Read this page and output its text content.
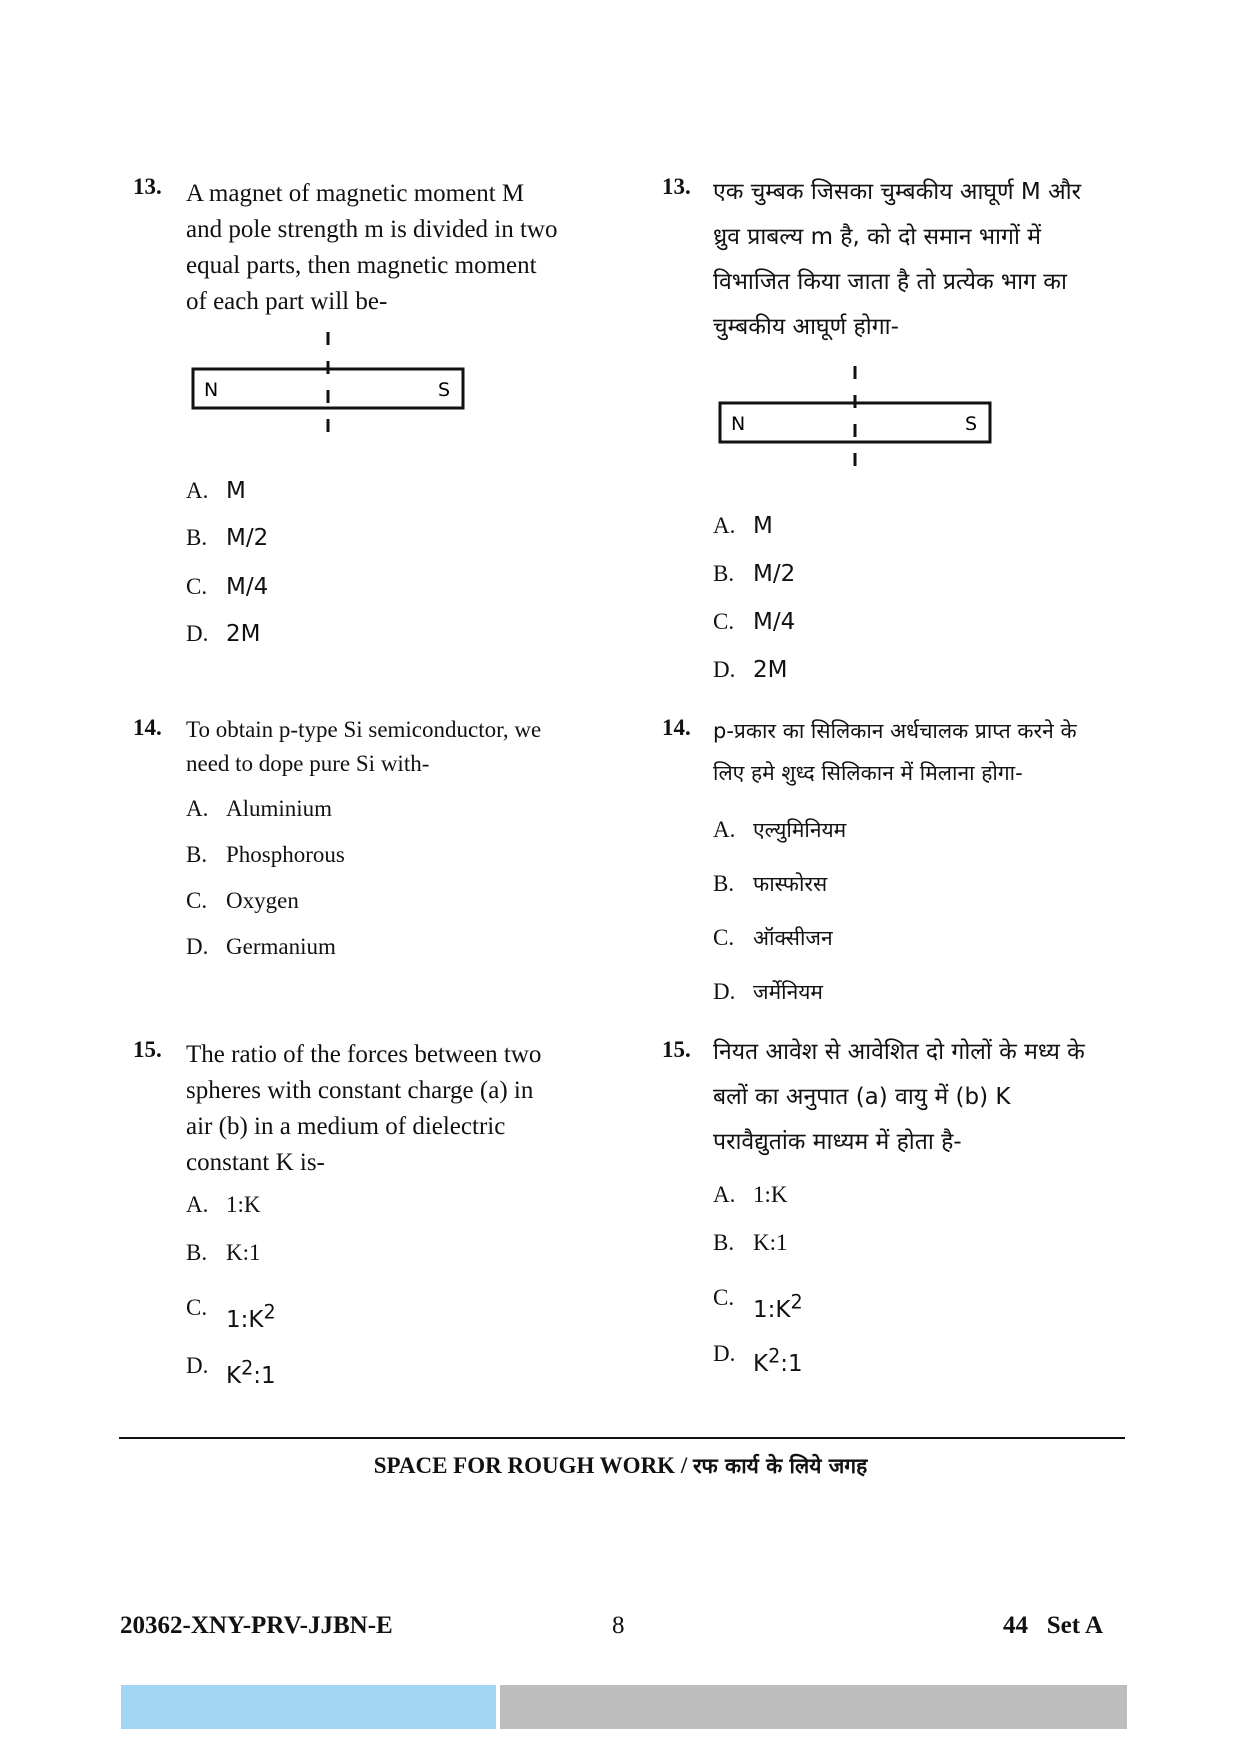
13. A magnet of magnetic moment M
and pole strength m is divided in two
equal parts, then magnetic moment
of each part will be-
N	S
A. M
B. M/2
C. M/4
D. 2M
13. एक चुम्बक जिसका चुम्बकीय आघूर्ण M और
ध्रुव प्राबल्य m है, को दो समान भागों में
विभाजित किया जाता है तो प्रत्येक भाग का
चुम्बकीय आघूर्ण होगा-
N	S
A. M
B. M/2
C. M/4
D. 2M
14. To obtain p-type Si semiconductor, we
need to dope pure Si with-
A. Aluminium
B. Phosphorous
C. Oxygen
D. Germanium
14. p-प्रकार का सिलिकान अर्धचालक प्राप्त करने के
लिए हमे शुध्द सिलिकान में मिलाना होगा-
A. एल्युमिनियम
B. फास्फोरस
C. ऑक्सीजन
D. जर्मेनियम
15. The ratio of the forces between two
spheres with constant charge (a) in
air (b) in a medium of dielectric
constant K is-
A. 1:K
B. K:1
C. $1:K^2$
D. $K^2:1$
15. नियत आवेश से आवेशित दो गोलों के मध्य के
बलों का अनुपात (a) वायु में (b) K
परावैद्युतांक माध्यम में होता है-
A. 1:K
B. K:1
C. $1:K^2$
D. $K^2:1$
SPACE FOR ROUGH WORK / रफ कार्य के लिये जगह
20362-XNY-PRV-JJBN-E	8	44   Set A
